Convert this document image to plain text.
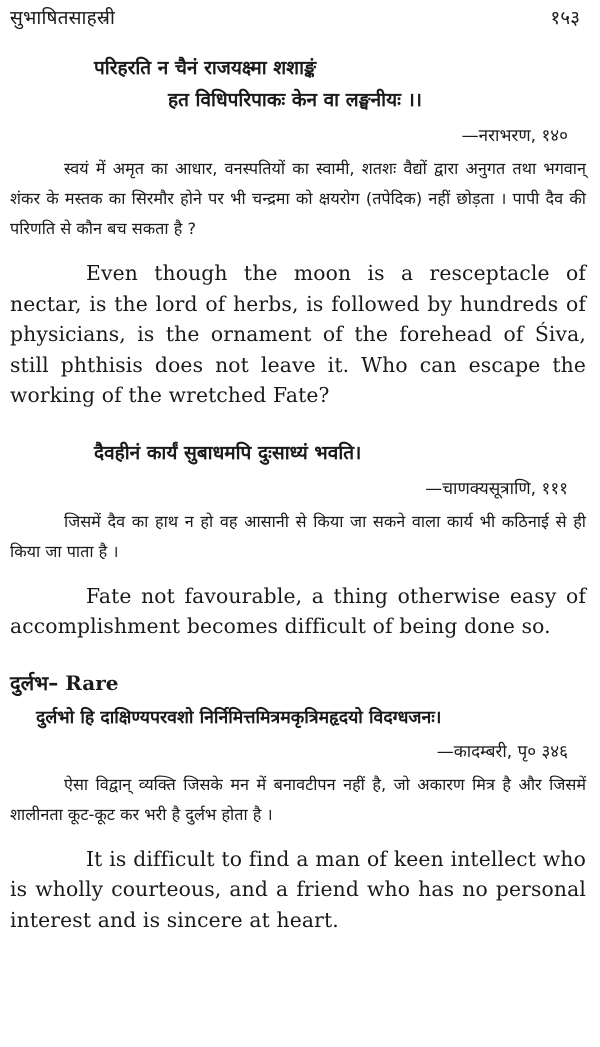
सुभाषितसाहस्री	१५३
परिहरति न चैनं राजयक्ष्मा शशाङ्कं
हत विधिपरिपाकः केन वा लङ्घनीयः ।।
—नराभरण, १४०

स्वयं में अमृत का आधार, वनस्पतियों का स्वामी, शतशः वैद्यों द्वारा अनुगत तथा भगवान् शंकर के मस्तक का सिरमौर होने पर भी चन्द्रमा को क्षयरोग (तपेदिक) नहीं छोड़ता । पापी दैव की परिणति से कौन बच सकता है ?

Even though the moon is a resceptacle of nectar, is the lord of herbs, is followed by hundreds of physicians, is the ornament of the forehead of Śiva, still phthisis does not leave it. Who can escape the working of the wretched Fate?

दैवहीनं कार्यं सुबाधमपि दुःसाध्यं भवति।
—चाणक्यसूत्राणि, १११

जिसमें दैव का हाथ न हो वह आसानी से किया जा सकने वाला कार्य भी कठिनाई से ही किया जा पाता है ।

Fate not favourable, a thing otherwise easy of accomplishment becomes difficult of being done so.

दुर्लभ– Rare
दुर्लभो हि दाक्षिण्यपरवशो निर्निमित्तमित्रमकृत्रिमहृदयो विदग्धजनः।
—कादम्बरी, पृ० ३४६

ऐसा विद्वान् व्यक्ति जिसके मन में बनावटीपन नहीं है, जो अकारण मित्र है और जिसमें शालीनता कूट-कूट कर भरी है दुर्लभ होता है ।

It is difficult to find a man of keen intellect who is wholly courteous, and a friend who has no personal interest and is sincere at heart.
